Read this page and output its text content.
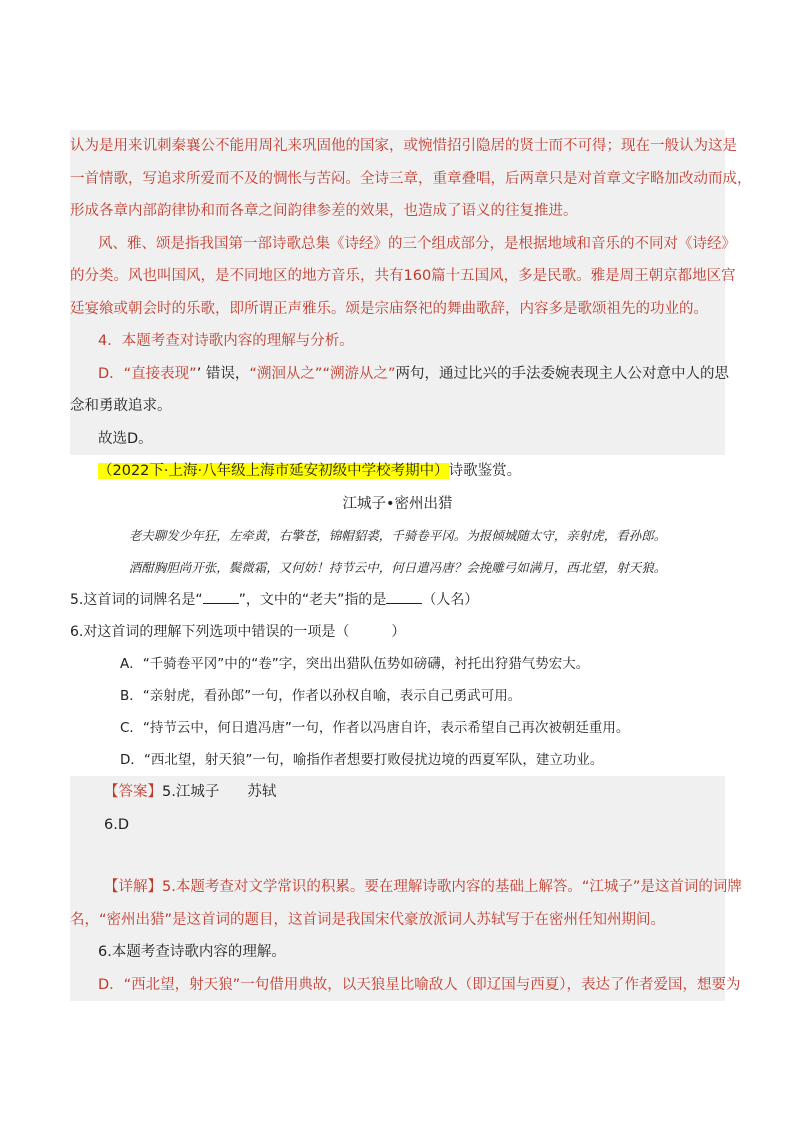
认为是用来讥刺秦襄公不能用周礼来巩固他的国家，或惋惜招引隐居的贤士而不可得；现在一般认为这是
一首情歌，写追求所爱而不及的惆怅与苦闷。全诗三章，重章叠唱，后两章只是对首章文字略加改动而成，
形成各章内部韵律协和而各章之间韵律参差的效果，也造成了语义的往复推进。
风、雅、颂是指我国第一部诗歌总集《诗经》的三个组成部分，是根据地域和音乐的不同对《诗经》
的分类。风也叫国风，是不同地区的地方音乐，共有160篇十五国风，多是民歌。雅是周王朝京都地区宫
廷宴飨或朝会时的乐歌，即所谓正声雅乐。颂是宗庙祭祀的舞曲歌辞，内容多是歌颂祖先的功业的。
4．本题考查对诗歌内容的理解与分析。
D．“直接表现”’ 错误，“溯洄从之”“溯游从之”两句，通过比兴的手法委婉表现主人公对意中人的思
念和勇敢追求。
故选D。
（2022下·上海·八年级上海市延安初级中学校考期中）诗歌鉴赏。
江城子•密州出猎
老夫聊发少年狂，左牵黄，右擎苍，锦帽貂裘，千骑卷平冈。为报倾城随太守，亲射虎，看孙郎。
酒酣胸胆尚开张，鬓微霜，又何妨！持节云中，何日遣冯唐？会挽雕弓如满月，西北望，射天狼。
5.这首词的词牌名是“	”，文中的“老夫”指的是	（人名）
6.对这首词的理解下列选项中错误的一项是（　　　）
A．“千骑卷平冈”中的“卷”字，突出出猎队伍势如磅礴，衬托出狩猎气势宏大。
B．“亲射虎，看孙郎”一句，作者以孙权自喻，表示自己勇武可用。
C．“持节云中，何日遣冯唐”一句，作者以冯唐自许，表示希望自己再次被朝廷重用。
D．“西北望，射天狼”一句，喻指作者想要打败侵扰边境的西夏军队，建立功业。
【答案】5.江城子 苏轼
6.D
【详解】5.本题考查对文学常识的积累。要在理解诗歌内容的基础上解答。“江城子”是这首词的词牌
名，“密州出猎”是这首词的题目，这首词是我国宋代豪放派词人苏轼写于在密州任知州期间。
6.本题考查诗歌内容的理解。
D．“西北望，射天狼”一句借用典故，以天狼星比喻敌人（即辽国与西夏），表达了作者爱国，想要为
